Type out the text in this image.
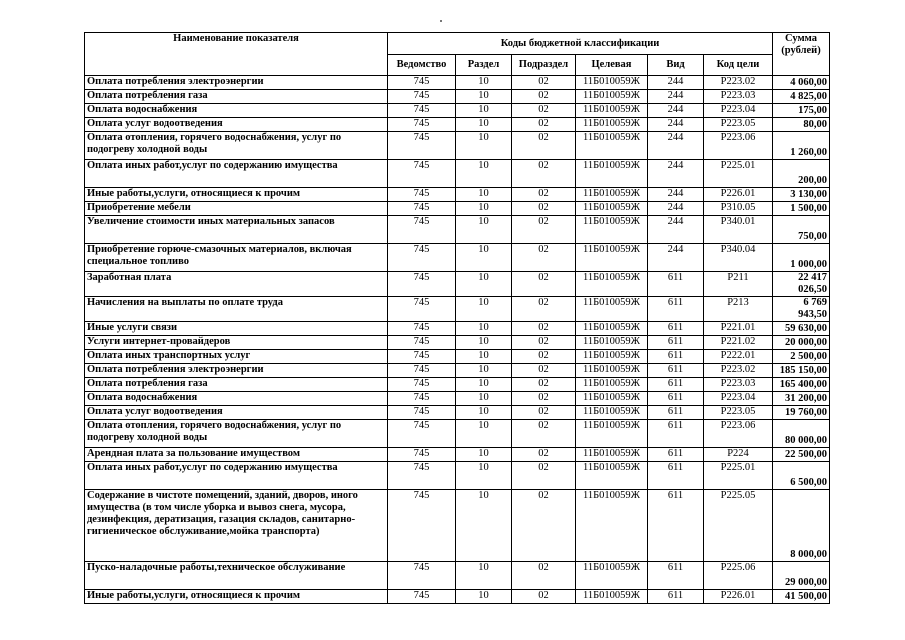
Наименование показателя	Коды бюджетной классификации						Сумма (рублей)
	Ведомство	Раздел	Подраздел	Целевая	Вид	Код цели	
Оплата потребления электроэнергии	745	10	02	11Б010059Ж	244	Р223.02	4 060,00
Оплата потребления газа	745	10	02	11Б010059Ж	244	Р223.03	4 825,00
Оплата водоснабжения	745	10	02	11Б010059Ж	244	Р223.04	175,00
Оплата услуг водоотведения	745	10	02	11Б010059Ж	244	Р223.05	80,00
Оплата отопления, горячего водоснабжения, услуг по подогреву холодной воды	745	10	02	11Б010059Ж	244	Р223.06	1 260,00
Оплата иных работ,услуг по содержанию имущества	745	10	02	11Б010059Ж	244	Р225.01	200,00
Иные работы,услуги, относящиеся к прочим	745	10	02	11Б010059Ж	244	Р226.01	3 130,00
Приобретение мебели	745	10	02	11Б010059Ж	244	Р310.05	1 500,00
Увеличение стоимости иных материальных запасов	745	10	02	11Б010059Ж	244	Р340.01	750,00
Приобретение горюче-смазочных материалов, включая специальное топливо	745	10	02	11Б010059Ж	244	Р340.04	1 000,00
Заработная плата	745	10	02	11Б010059Ж	611	Р211	22 417 026,50
Начисления на выплаты по оплате труда	745	10	02	11Б010059Ж	611	Р213	6 769 943,50
Иные услуги связи	745	10	02	11Б010059Ж	611	Р221.01	59 630,00
Услуги интернет-провайдеров	745	10	02	11Б010059Ж	611	Р221.02	20 000,00
Оплата иных транспортных услуг	745	10	02	11Б010059Ж	611	Р222.01	2 500,00
Оплата потребления электроэнергии	745	10	02	11Б010059Ж	611	Р223.02	185 150,00
Оплата потребления газа	745	10	02	11Б010059Ж	611	Р223.03	165 400,00
Оплата водоснабжения	745	10	02	11Б010059Ж	611	Р223.04	31 200,00
Оплата услуг водоотведения	745	10	02	11Б010059Ж	611	Р223.05	19 760,00
Оплата отопления, горячего водоснабжения, услуг по подогреву холодной воды	745	10	02	11Б010059Ж	611	Р223.06	80 000,00
Арендная плата за пользование имуществом	745	10	02	11Б010059Ж	611	Р224	22 500,00
Оплата иных работ,услуг по содержанию имущества	745	10	02	11Б010059Ж	611	Р225.01	6 500,00
Содержание в чистоте помещений, зданий, дворов, иного имущества (в том числе уборка и вывоз снега, мусора, дезинфекция, дератизация, газация складов, санитарно-гигиеническое обслуживание,мойка транспорта)	745	10	02	11Б010059Ж	611	Р225.05	8 000,00
Пуско-наладочные работы,техническое обслуживание	745	10	02	11Б010059Ж	611	Р225.06	29 000,00
Иные работы,услуги, относящиеся к прочим	745	10	02	11Б010059Ж	611	Р226.01	41 500,00
